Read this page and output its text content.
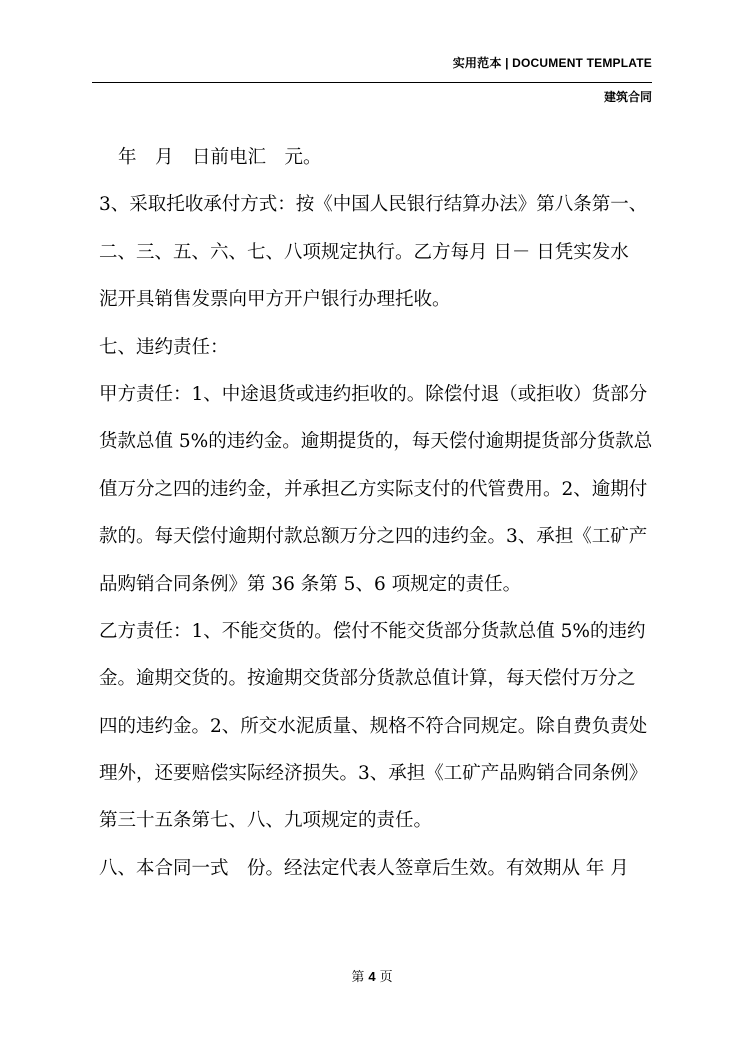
实用范本 | DOCUMENT TEMPLATE
建筑合同
年　月　日前电汇　元。
3、采取托收承付方式：按《中国人民银行结算办法》第八条第一、
二、三、五、六、七、八项规定执行。乙方每月 日－ 日凭实发水
泥开具销售发票向甲方开户银行办理托收。
七、违约责任：
甲方责任：1、中途退货或违约拒收的。除偿付退（或拒收）货部分
货款总值 5%的违约金。逾期提货的，每天偿付逾期提货部分货款总
值万分之四的违约金，并承担乙方实际支付的代管费用。2、逾期付
款的。每天偿付逾期付款总额万分之四的违约金。3、承担《工矿产
品购销合同条例》第 36 条第 5、6 项规定的责任。
乙方责任：1、不能交货的。偿付不能交货部分货款总值 5%的违约
金。逾期交货的。按逾期交货部分货款总值计算，每天偿付万分之
四的违约金。2、所交水泥质量、规格不符合同规定。除自费负责处
理外，还要赔偿实际经济损失。3、承担《工矿产品购销合同条例》
第三十五条第七、八、九项规定的责任。
八、本合同一式　份。经法定代表人签章后生效。有效期从 年 月
第 4 页
